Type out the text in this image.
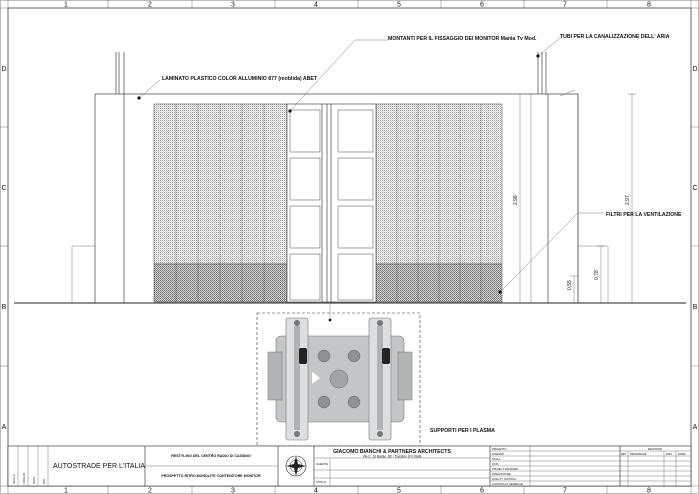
1	2	3	4	5	6	7	8
1	2	3	4	5	6	7	8
D
C
B
A
D
C
B
A
2,98	2,97
0,78
0,55
LAMINATO PLASTICO COLOR ALLUMINIO 877 (moblida) ABET
MONTANTI PER IL FISSAGGIO DEI MONITOR Mania Tv Mod.	TUBI PER LA CANALIZZAZIONE DELL' ARIA
FILTRI PER LA VENTILAZIONE
SUPPORTI PER I PLASMA
SCALA FOGLIO DATA DIS.
AUTOSTRADE PER L'ITALIA
RESTYLING DEL CENTRO RADIO DI CASSINO
PROSPETTO RITRO MONOLITE CONTENITORE MONITOR
GIACOMO BIANCHI & PARTNERS ARCHITECTS
Via C. Di Basile, 80 - Cassino (Fr) Italia
CLIENTE
TITOLO
PROGETTO
DISEGNO
SCALA
DATA
PROJECT MANAGER
DISEGNATORE
QUALITY CONTROL
CONTROLLO GENERALE
REVISIONI
REV DESCRIZIONE	DATA FIRMA
